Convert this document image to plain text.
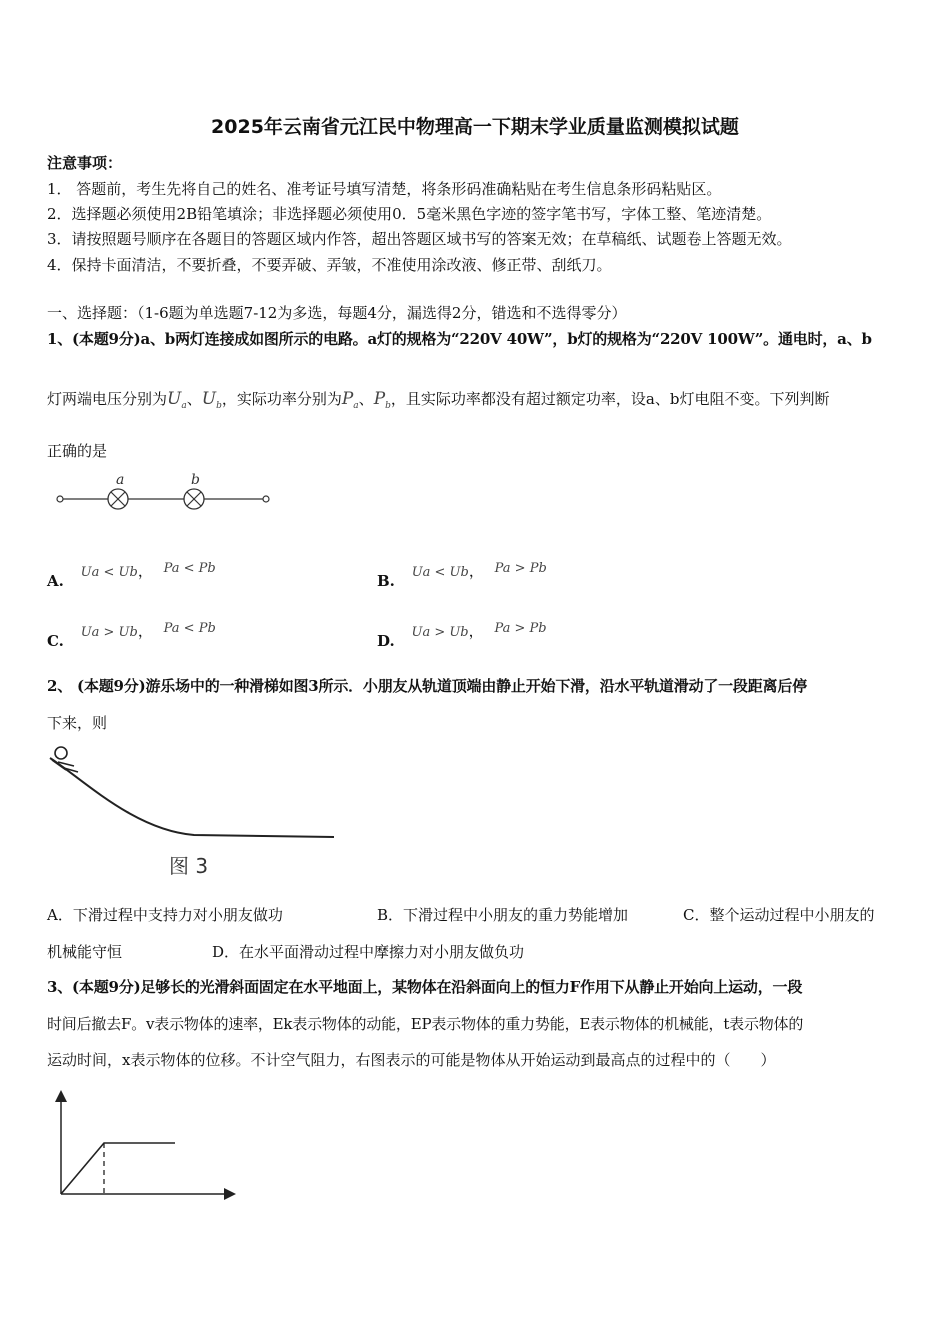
2025年云南省元江民中物理高一下期末学业质量监测模拟试题
注意事项：
1． 答题前，考生先将自己的姓名、准考证号填写清楚，将条形码准确粘贴在考生信息条形码粘贴区。
2．选择题必须使用2B铅笔填涂；非选择题必须使用0．5毫米黑色字迹的签字笔书写，字体工整、笔迹清楚。
3．请按照题号顺序在各题目的答题区域内作答，超出答题区域书写的答案无效；在草稿纸、试题卷上答题无效。
4．保持卡面清洁，不要折叠，不要弄破、弄皱，不准使用涂改液、修正带、刮纸刀。
一、选择题：（1-6题为单选题7-12为多选，每题4分，漏选得2分，错选和不选得零分）
1、(本题9分)a、b两灯连接成如图所示的电路。a灯的规格为“220V 40W”，b灯的规格为“220V 100W”。通电时，a、b
灯两端电压分别为$U_a$、$U_b$，实际功率分别为$P_a$、$P_b$，且实际功率都没有超过额定功率，设a、b灯电阻不变。下列判断
正确的是
a	b
A. Ua < Ub， Pa < Pb
B. Ua < Ub， Pa > Pb
C. Ua > Ub， Pa < Pb
D. Ua > Ub， Pa > Pb
2、 (本题9分)游乐场中的一种滑梯如图3所示．小朋友从轨道顶端由静止开始下滑，沿水平轨道滑动了一段距离后停
下来，则
图 3
A．下滑过程中支持力对小朋友做功	B．下滑过程中小朋友的重力势能增加	C．整个运动过程中小朋友的
机械能守恒	D．在水平面滑动过程中摩擦力对小朋友做负功
3、(本题9分)足够长的光滑斜面固定在水平地面上，某物体在沿斜面向上的恒力F作用下从静止开始向上运动，一段
时间后撤去F。v表示物体的速率，Ek表示物体的动能，EP表示物体的重力势能，E表示物体的机械能，t表示物体的
运动时间，x表示物体的位移。不计空气阻力，右图表示的可能是物体从开始运动到最高点的过程中的（　　）
